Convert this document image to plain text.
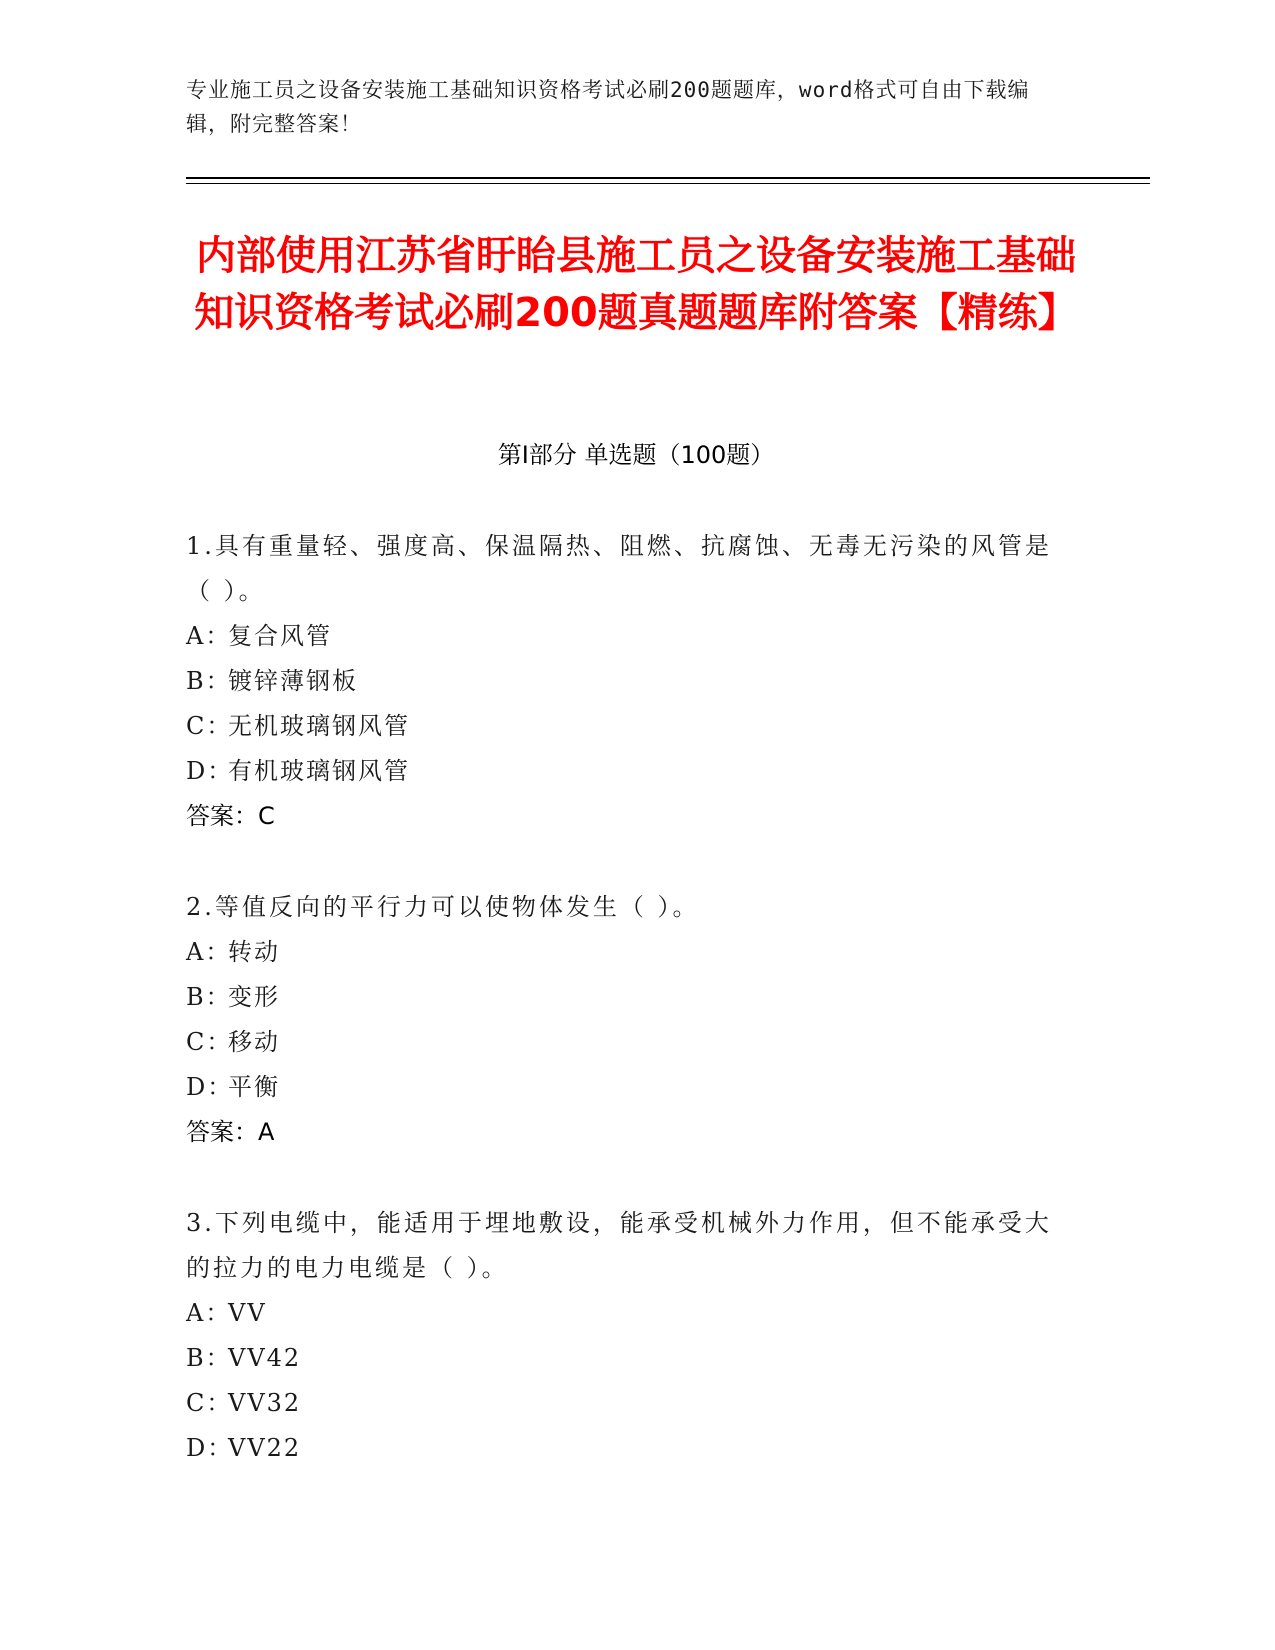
专业施工员之设备安装施工基础知识资格考试必刷200题题库，word格式可自由下载编辑，附完整答案！
内部使用江苏省盱眙县施工员之设备安装施工基础知识资格考试必刷200题真题题库附答案【精练】
第I部分 单选题（100题）
1.具有重量轻、强度高、保温隔热、阻燃、抗腐蚀、无毒无污染的风管是（ ）。
A：复合风管
B：镀锌薄钢板
C：无机玻璃钢风管
D：有机玻璃钢风管
答案：C
2.等值反向的平行力可以使物体发生（ ）。
A：转动
B：变形
C：移动
D：平衡
答案：A
3.下列电缆中，能适用于埋地敷设，能承受机械外力作用，但不能承受大的拉力的电力电缆是（ ）。
A：VV
B：VV42
C：VV32
D：VV22
